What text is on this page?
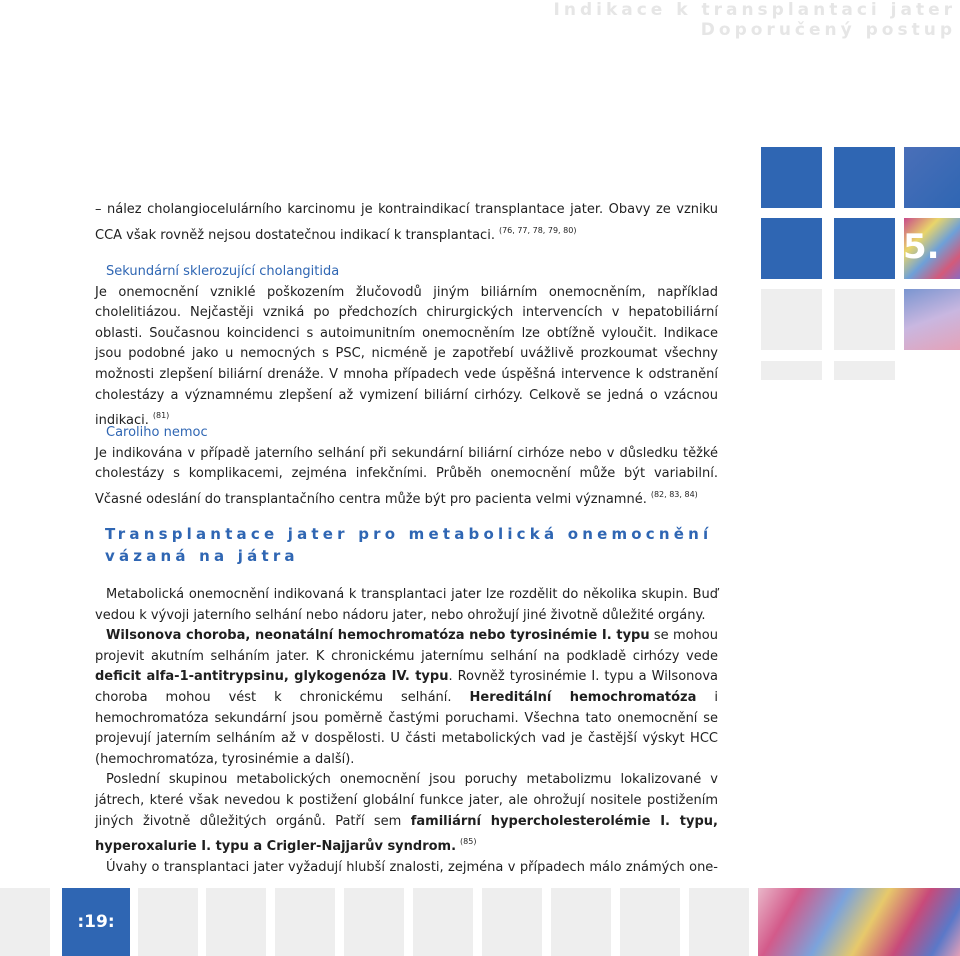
Indikace k transplantaci jater
Doporučený postup
5.

– nález cholangiocelulárního karcinomu je kontraindikací transplantace jater. Obavy ze vzniku CCA však rovněž nejsou dostatečnou indikací k transplantaci. $^{(76, 77, 78, 79, 80)}$

Sekundární sklerozující cholangitida

Je onemocnění vzniklé poškozením žlučovodů jiným biliárním onemocněním, například cholelitiázou. Nejčastěji vzniká po předchozích chirurgických intervencích v hepatobiliární oblasti. Současnou koincidenci s autoimunitním onemocněním lze obtížně vyloučit. Indikace jsou podobné jako u nemocných s PSC, nicméně je zapotřebí uvážlivě prozkoumat všechny možnosti zlepšení biliární drenáže. V mnoha případech vede úspěšná intervence k odstranění cholestázy a významnému zlepšení až vymizení biliární cirhózy. Celkově se jedná o vzácnou indikaci. $^{(81)}$

Caroliho nemoc

Je indikována v případě jaterního selhání při sekundární biliární cirhóze nebo v důsledku těžké cholestázy s komplikacemi, zejména infekčními. Průběh onemocnění může být variabilní. Včasné odeslání do transplantačního centra může být pro pacienta velmi významné. $^{(82, 83, 84)}$

Transplantace jater pro metabolická onemocnění vázaná na játra

Metabolická onemocnění indikovaná k transplantaci jater lze rozdělit do několika skupin. Buď vedou k vývoji jaterního selhání nebo nádoru jater, nebo ohrožují jiné životně důležité orgány.

Wilsonova choroba, neonatální hemochromatóza nebo tyrosinémie I. typu se mohou projevit akutním selháním jater. K chronickému jaternímu selhání na podkladě cirhózy vede deficit alfa-1-antitrypsinu, glykogenóza IV. typu. Rovněž tyrosinémie I. typu a Wilsonova choroba mohou vést k chronickému selhání. Hereditální hemochromatóza i hemochromatóza sekundární jsou poměrně častými poruchami. Všechna tato onemocnění se projevují jaterním selháním až v dospělosti. U části metabolických vad je častější výskyt HCC (hemochromatóza, tyrosinémie a další).

Poslední skupinou metabolických onemocnění jsou poruchy metabolizmu lokalizované v játrech, které však nevedou k postižení globální funkce jater, ale ohrožují nositele postižením jiných životně důležitých orgánů. Patří sem familiární hypercholesterolémie I. typu, hyperoxalurie I. typu a Crigler-Najjarův syndrom. $^{(85)}$

Úvahy o transplantaci jater vyžadují hlubší znalosti, zejména v případech málo známých one-

:19:
